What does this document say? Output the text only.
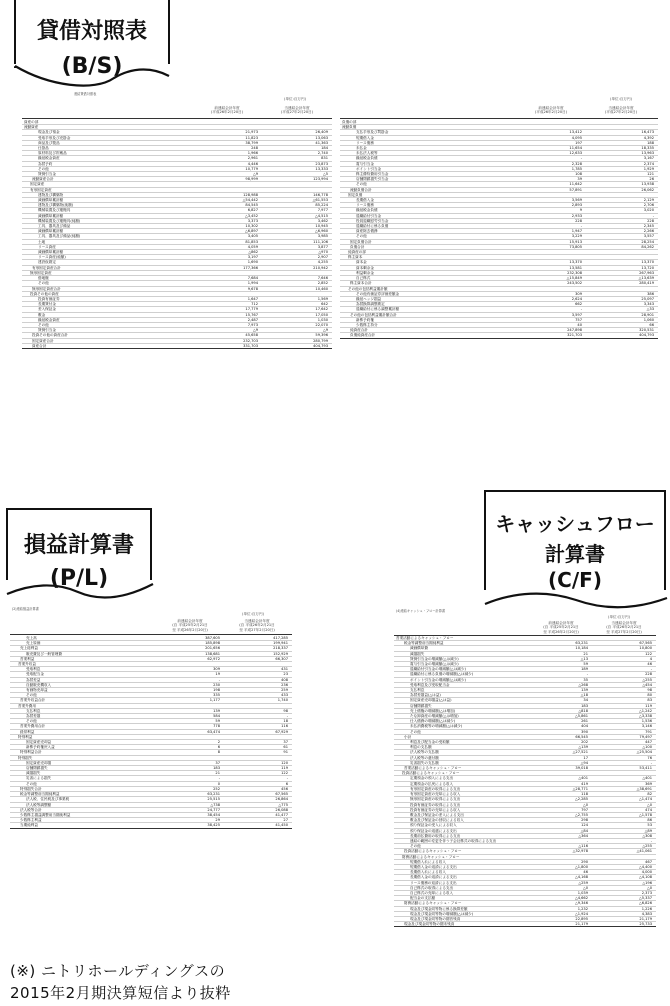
連結貸借対照表
(単位:百万円)
前連結会計年度
(平成26年2月20日)
当連結会計年度
(平成27年2月20日)
資産の部		
流動資産		
現金及び預金	21,973	26,409
受取手形及び売掛金	11,823	13,063
商品及び製品	38,799	41,363
仕掛品	248	184
原材料及び貯蔵品	1,966	2,740
繰延税金資産	2,961	831
為替予約	4,446	23,873
その他	10,779	13,333
貸倒引当金	△9	△5
流動資産合計	98,999	123,994
固定資産		
有形固定資産		
建物及び構築物	128,988	146,778
減価償却累計額	△54,442	△61,553
建物及び構築物(純額)	84,545	85,224
機械装置及び運搬具	6,827	7,977
減価償却累計額	△3,452	△4,515
機械装置及び運搬具(純額)	3,373	3,462
工具、器具及び備品	10,302	10,945
減価償却累計額	△6,897	△6,960
工具、器具及び備品(純額)	3,405	3,985
土地	81,853	111,106
リース資産	4,059	3,877
減価償却累計額	△862	△970
リース資産(純額)	3,197	2,907
建設仮勘定	1,690	4,255
有形固定資産合計	177,366	210,942
無形固定資産		
借地権	7,684	7,646
その他	1,994	2,852
無形固定資産合計	9,678	10,460
投資その他の資産		
投資有価証券	1,647	1,569
長期貸付金	712	642
差入保証金	17,779	17,642
敷金	15,767	17,050
繰延税金資産	2,487	1,030
その他	7,973	22,070
貸倒引当金	△9	△9
投資その他の資産合計	45,658	59,396
固定資産合計	232,703	280,799
資産合計	331,703	404,793
(単位:百万円)
前連結会計年度
(平成26年2月20日)
当連結会計年度
(平成27年2月20日)
負債の部		
流動負債		
支払手形及び買掛金	13,412	16,473
短期借入金	4,095	4,392
リース債務	197	188
未払金	11,654	18,335
未払法人税等	12,633	13,963
繰延税金負債	-	3,167
賞与引当金	2,328	2,374
ポイント引当金	1,785	1,929
株主優待費用引当金	108	121
店舗閉鎖損失引当金	39	26
その他	11,642	13,938
流動負債合計	57,891	26,062
固定負債		
長期借入金	3,569	2,129
リース債務	2,893	2,706
繰延税金負債	9	3,020
退職給付引当金	2,933	-
役員退職慰労引当金	228	228
退職給付に係る負債	-	2,345
資産除去債務	1,947	2,266
その他	3,229	3,557
固定負債合計	15,913	28,254
負債合計	73,805	84,262
純資産の部		
株主資本		
資本金	13,370	13,370
資本剰余金	13,581	13,720
利益剰余金	232,308	267,963
自己株式	△15,849	△13,639
株主資本合計	243,502	280,419
その他の包括利益累計額		
その他有価証券評価差額金	309	386
繰延ヘッジ損益	2,624	25,097
為替換算調整勘定	662	3,343
退職給付に係る調整累計額	-	△33
その他の包括利益累計額合計	3,597	28,901
新株予約権	757	1,060
少数株主持分	40	66
純資産合計	247,898	320,531
負債純資産合計	321,703	404,793
(2)連結損益計算書
(単位:百万円)
前連結会計年度
(自 平成25年2月21日
至 平成26年2月20日)
当連結会計年度
(自 平成26年2月21日
至 平成27年2月20日)
売上高	387,605	417,285
売上原価	185,898	199,941
売上総利益	201,656	218,337
販売費及び一般管理費	138,681	152,929
営業利益	62,972	66,307
営業外収益		
受取利息	309	431
受取配当金	19	23
為替差益	-	408
自動販売機収入	230	236
有価物売却益	198	259
その他	335	433
営業外収益合計	1,177	1,740
営業外費用		
支払利息	139	98
為替差損	584	-
その他	59	18
営業外費用合計	778	116
経常利益	63,474	67,929
特別利益		
固定資産売却益	2	37
新株予約権戻入益	6	61
特別利益合計	8	91
特別損失		
固定資産売却損	37	120
店舗閉鎖損失	183	119
減損損失	21	122
災害による損失	-	-
その他	0	6
特別損失合計	252	456
税金等調整前当期純利益	63,231	67,565
法人税、住民税及び事業税	25,515	26,864
法人税等調整額	△738	△775
法人税等合計	24,777	26,088
少数株主損益調整前当期純利益	38,454	41,477
少数株主利益	29	27
当期純利益	38,425	41,450
(4)連結キャッシュ・フロー計算書
(単位:百万円)
前連結会計年度
(自 平成25年2月21日
至 平成26年2月20日)
当連結会計年度
(自 平成26年2月21日
至 平成27年2月20日)
営業活動によるキャッシュ・フロー		
税金等調整前当期純利益	63,231	67,565
減価償却費	10,184	10,800
減損損失	21	122
貸倒引当金の増減額(△は減少)	△13	4
賞与引当金の増減額(△は減少)	59	46
退職給付引当金の増減額(△は減少)	189	-
退職給付に係る負債の増減額(△は減少)	-	228
ポイント引当金の増減額(△は減少)	35	△255
受取利息及び受取配当金	△268	△454
支払利息	139	98
為替差損益(△は益)	△18	80
固定資産売却損益(△は益)	34	83
店舗閉鎖損失	183	119
売上債権の増減額(△は増加)	△818	△1,242
たな卸資産の増減額(△は増加)	△5,861	△3,338
仕入債務の増減額(△は減少)	261	1,536
未払消費税等の増減額(△は減少)	404	3,146
その他	390	791
小計	66,545	79,497
利息及び配当金の受取額	202	447
利息の支払額	△139	△100
法人税等の支払額	△27,521	△25,504
法人税等の還付額	17	76
災害損失の支払額	△94	-
営業活動によるキャッシュ・フロー	39,018	53,411
投資活動によるキャッシュ・フロー		
定期預金の預入による支出	△401	△401
定期預金の払戻による収入	419	369
有形固定資産の取得による支出	△28,771	△38,691
有形固定資産の売却による収入	118	82
無形固定資産の取得による支出	△2,285	△1,474
投資有価証券の取得による支出	△0	△0
投資有価証券の売却による収入	797	474
敷金及び保証金の差入による支出	△2,755	△1,578
敷金及び保証金の回収による収入	298	86
預り保証金の受入による収入	124	53
預り保証金の返還による支出	△84	△89
長期前払費用の取得による支出	△364	△308
連結の範囲の変更を伴う子会社株式の取得による支出	-	-
その他	△116	△255
投資活動によるキャッシュ・フロー	△32,978	△41,061
財務活動によるキャッシュ・フロー		
短期借入れによる収入	290	467
短期借入金の返済による支出	△1,800	△4,400
長期借入れによる収入	46	4,000
長期借入金の返済による支出	△4,168	△4,108
リース債務の返済による支出	△259	△196
自己株式の取得による支出	△0	△0
自己株式の売却による収入	1,039	2,373
配当金の支払額	△4,662	△5,337
財務活動によるキャッシュ・フロー	△9,346	△6,826
現金及び現金同等物に係る換算差額	1,232	1,226
現金及び現金同等物の増減額(△は減少)	△1,924	4,383
現金及び現金同等物の期首残高	22,895	21,179
現金及び現金同等物の期末残高	21,179	25,733
貸借対照表
(B/S)
損益計算書
(P/L)
キャッシュフロー
計算書
(C/F)
(※) ニトリホールディングスの
2015年2月期決算短信より抜粋
